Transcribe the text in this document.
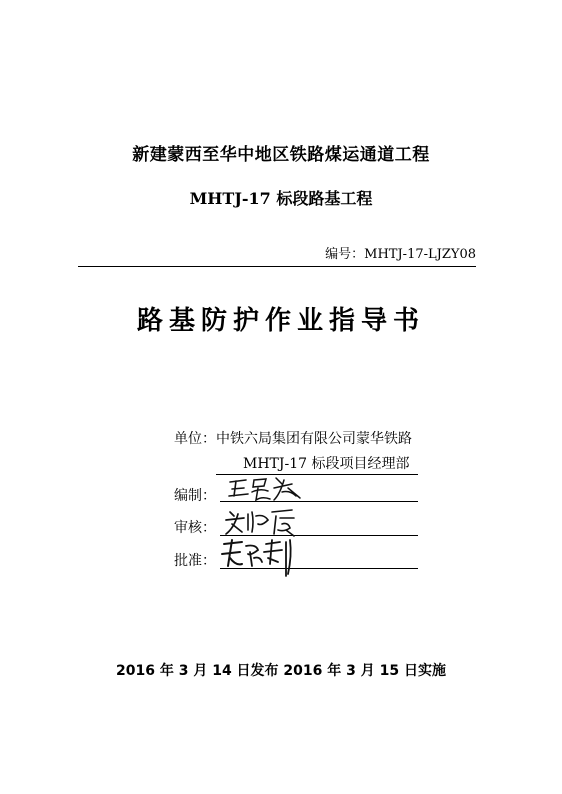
新建蒙西至华中地区铁路煤运通道工程
MHTJ-17 标段路基工程
编号：MHTJ-17-LJZY08
路基防护作业指导书
单位：中铁六局集团有限公司蒙华铁路
MHTJ-17 标段项目经理部
编制：
审核：
批准：
2016 年 3 月 14 日发布 2016 年 3 月 15 日实施
